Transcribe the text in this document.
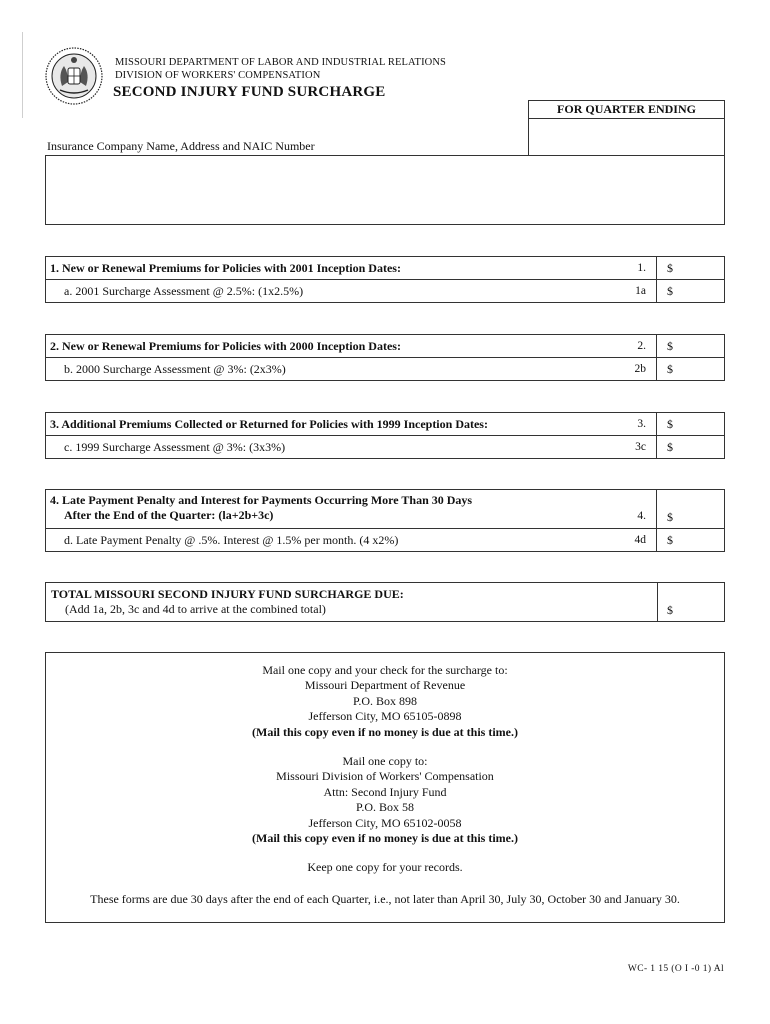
MISSOURI DEPARTMENT OF LABOR AND INDUSTRIAL RELATIONS
DIVISION OF WORKERS' COMPENSATION
SECOND INJURY FUND SURCHARGE
FOR QUARTER ENDING
Insurance Company Name, Address and NAIC Number
1. New or Renewal Premiums for Policies with 2001 Inception Dates:	1.	$
a. 2001 Surcharge Assessment @ 2.5%: (1x2.5%)	1a	$
2. New or Renewal Premiums for Policies with 2000 Inception Dates:	2.	$
b. 2000 Surcharge Assessment @ 3%: (2x3%)	2b	$
3. Additional Premiums Collected or Returned for Policies with 1999 Inception Dates:	3.	$
c. 1999 Surcharge Assessment @ 3%: (3x3%)	3c	$
4. Late Payment Penalty and Interest for Payments Occurring More Than 30 Days
After the End of the Quarter: (la+2b+3c)	4.	$
d. Late Payment Penalty @ .5%. Interest @ 1.5% per month. (4 x2%)	4d	$
TOTAL MISSOURI SECOND INJURY FUND SURCHARGE DUE:
(Add 1a, 2b, 3c and 4d to arrive at the combined total)	$
Mail one copy and your check for the surcharge to:
Missouri Department of Revenue
P.O. Box 898
Jefferson City, MO 65105-0898
(Mail this copy even if no money is due at this time.)
Mail one copy to:
Missouri Division of Workers' Compensation
Attn: Second Injury Fund
P.O. Box 58
Jefferson City, MO 65102-0058
(Mail this copy even if no money is due at this time.)
Keep one copy for your records.
These forms are due 30 days after the end of each Quarter, i.e., not later than April 30, July 30, October 30 and January 30.
WC- 1 15 (O I -0 1) Al
